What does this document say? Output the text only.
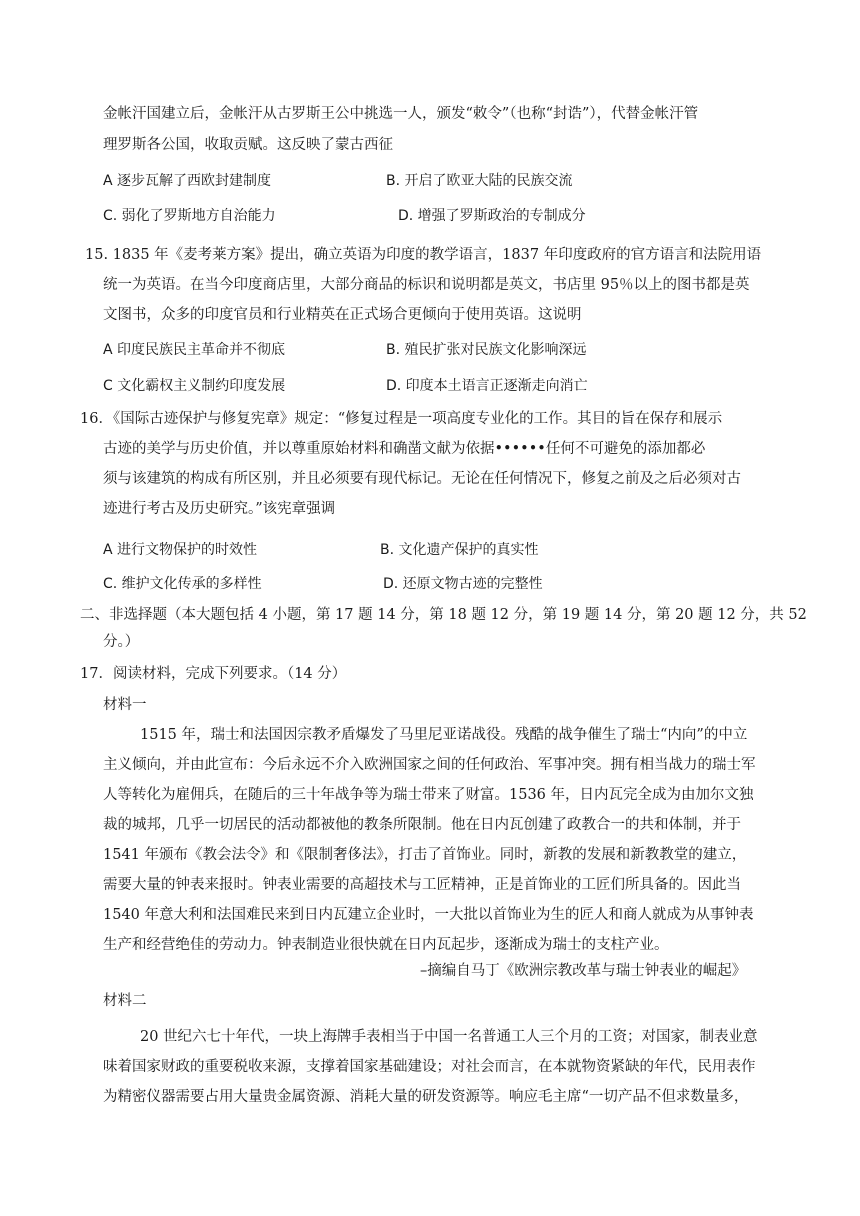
金帐汗国建立后，金帐汗从古罗斯王公中挑选一人，颁发“敕令”（也称“封诰”），代替金帐汗管
理罗斯各公国，收取贡赋。这反映了蒙古西征
A 逐步瓦解了西欧封建制度	B. 开启了欧亚大陆的民族交流
C. 弱化了罗斯地方自治能力	D. 增强了罗斯政治的专制成分
15. 1835 年《麦考莱方案》提出，确立英语为印度的教学语言，1837 年印度政府的官方语言和法院用语
统一为英语。在当今印度商店里，大部分商品的标识和说明都是英文，书店里 95％以上的图书都是英
文图书，众多的印度官员和行业精英在正式场合更倾向于使用英语。这说明
A 印度民族民主革命并不彻底	B. 殖民扩张对民族文化影响深远
C 文化霸权主义制约印度发展	D. 印度本土语言正逐渐走向消亡
16．《国际古迹保护与修复宪章》规定：“修复过程是一项高度专业化的工作。其目的旨在保存和展示
古迹的美学与历史价值，并以尊重原始材料和确凿文献为依据••••••任何不可避免的添加都必
须与该建筑的构成有所区别，并且必须要有现代标记。无论在任何情况下，修复之前及之后必须对古
迹进行考古及历史研究。”该宪章强调
A 进行文物保护的时效性	B. 文化遗产保护的真实性
C. 维护文化传承的多样性	D. 还原文物古迹的完整性
二、非选择题（本大题包括 4 小题，第 17 题 14 分，第 18 题 12 分，第 19 题 14 分，第 20 题 12 分，共 52
分。）
17．阅读材料，完成下列要求。（14 分）
材料一
1515 年，瑞士和法国因宗教矛盾爆发了马里尼亚诺战役。残酷的战争催生了瑞士“内向”的中立
主义倾向，并由此宣布：今后永远不介入欧洲国家之间的任何政治、军事冲突。拥有相当战力的瑞士军
人等转化为雇佣兵，在随后的三十年战争等为瑞士带来了财富。1536 年，日内瓦完全成为由加尔文独
裁的城邦，几乎一切居民的活动都被他的教条所限制。他在日内瓦创建了政教合一的共和体制，并于
1541 年颁布《教会法令》和《限制奢侈法》，打击了首饰业。同时，新教的发展和新教教堂的建立，
需要大量的钟表来报时。钟表业需要的高超技术与工匠精神，正是首饰业的工匠们所具备的。因此当
1540 年意大利和法国难民来到日内瓦建立企业时，一大批以首饰业为生的匠人和商人就成为从事钟表
生产和经营绝佳的劳动力。钟表制造业很快就在日内瓦起步，逐渐成为瑞士的支柱产业。
–摘编自马丁《欧洲宗教改革与瑞士钟表业的崛起》
材料二
20 世纪六七十年代，一块上海牌手表相当于中国一名普通工人三个月的工资；对国家，制表业意
味着国家财政的重要税收来源，支撑着国家基础建设；对社会而言，在本就物资紧缺的年代，民用表作
为精密仪器需要占用大量贵金属资源、消耗大量的研发资源等。响应毛主席“一切产品不但求数量多，
